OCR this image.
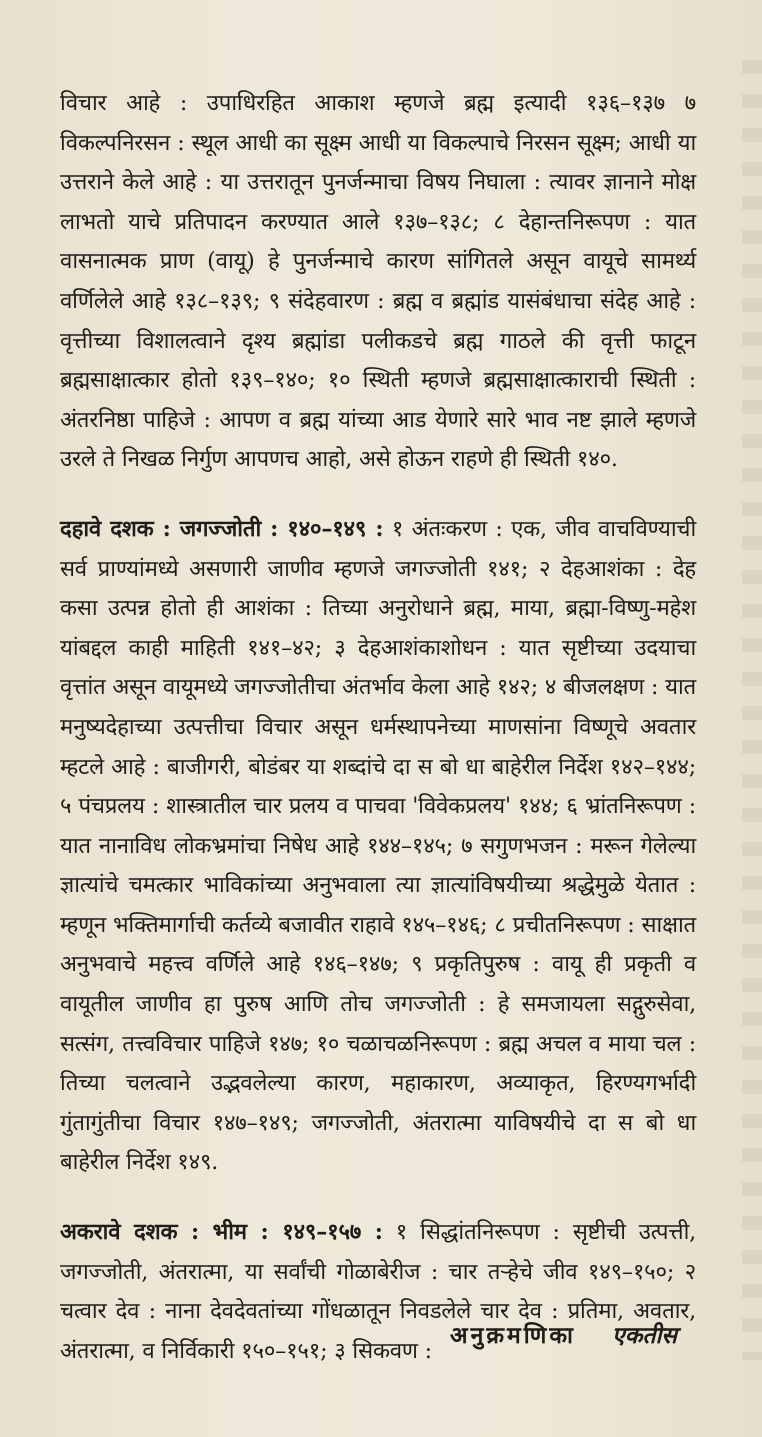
विचार आहे : उपाधिरहित आकाश म्हणजे ब्रह्म इत्यादी १३६–१३७ ७ विकल्पनिरसन : स्थूल आधी का सूक्ष्म आधी या विकल्पाचे निरसन सूक्ष्म; आधी या उत्तराने केले आहे : या उत्तरातून पुनर्जन्माचा विषय निघाला : त्यावर ज्ञानाने मोक्ष लाभतो याचे प्रतिपादन करण्यात आले १३७–१३८; ८ देहान्तनिरूपण : यात वासनात्मक प्राण (वायू) हे पुनर्जन्माचे कारण सांगितले असून वायूचे सामर्थ्य वर्णिलेले आहे १३८–१३९; ९ संदेहवारण : ब्रह्म व ब्रह्मांड यासंबंधाचा संदेह आहे : वृत्तीच्या विशालत्वाने दृश्य ब्रह्मांडा पलीकडचे ब्रह्म गाठले की वृत्ती फाटून ब्रह्मसाक्षात्कार होतो १३९–१४०; १० स्थिती म्हणजे ब्रह्मसाक्षात्काराची स्थिती : अंतरनिष्ठा पाहिजे : आपण व ब्रह्म यांच्या आड येणारे सारे भाव नष्ट झाले म्हणजे उरले ते निखळ निर्गुण आपणच आहो, असे होऊन राहणे ही स्थिती १४०.

दहावे दशक : जगज्जोती : १४०–१४९ : १ अंतःकरण : एक, जीव वाचविण्याची सर्व प्राण्यांमध्ये असणारी जाणीव म्हणजे जगज्जोती १४१; २ देहआशंका : देह कसा उत्पन्न होतो ही आशंका : तिच्या अनुरोधाने ब्रह्म, माया, ब्रह्मा-विष्णु-महेश यांबद्दल काही माहिती १४१–४२; ३ देहआशंकाशोधन : यात सृष्टीच्या उदयाचा वृत्तांत असून वायूमध्ये जगज्जोतीचा अंतर्भाव केला आहे १४२; ४ बीजलक्षण : यात मनुष्यदेहाच्या उत्पत्तीचा विचार असून धर्मस्थापनेच्या माणसांना विष्णूचे अवतार म्हटले आहे : बाजीगरी, बोडंबर या शब्दांचे दा स बो धा बाहेरील निर्देश १४२–१४४; ५ पंचप्रलय : शास्त्रातील चार प्रलय व पाचवा 'विवेकप्रलय' १४४; ६ भ्रांतनिरूपण : यात नानाविध लोकभ्रमांचा निषेध आहे १४४–१४५; ७ सगुणभजन : मरून गेलेल्या ज्ञात्यांचे चमत्कार भाविकांच्या अनुभवाला त्या ज्ञात्यांविषयीच्या श्रद्धेमुळे येतात : म्हणून भक्तिमार्गाची कर्तव्ये बजावीत राहावे १४५–१४६; ८ प्रचीतनिरूपण : साक्षात अनुभवाचे महत्त्व वर्णिले आहे १४६–१४७; ९ प्रकृतिपुरुष : वायू ही प्रकृती व वायूतील जाणीव हा पुरुष आणि तोच जगज्जोती : हे समजायला सद्गुरुसेवा, सत्संग, तत्त्वविचार पाहिजे १४७; १० चळाचळनिरूपण : ब्रह्म अचल व माया चल : तिच्या चलत्वाने उद्भवलेल्या कारण, महाकारण, अव्याकृत, हिरण्यगर्भादी गुंतागुंतीचा विचार १४७–१४९; जगज्जोती, अंतरात्मा याविषयीचे दा स बो धा बाहेरील निर्देश १४९.

अकरावे दशक : भीम : १४९–१५७ : १ सिद्धांतनिरूपण : सृष्टीची उत्पत्ती, जगज्जोती, अंतरात्मा, या सर्वांची गोळाबेरीज : चार तऱ्हेचे जीव १४९–१५०; २ चत्वार देव : नाना देवदेवतांच्या गोंधळातून निवडलेले चार देव : प्रतिमा, अवतार, अंतरात्मा, व निर्विकारी १५०–१५१; ३ सिकवण :

अनुक्रमणिका एकतीस
